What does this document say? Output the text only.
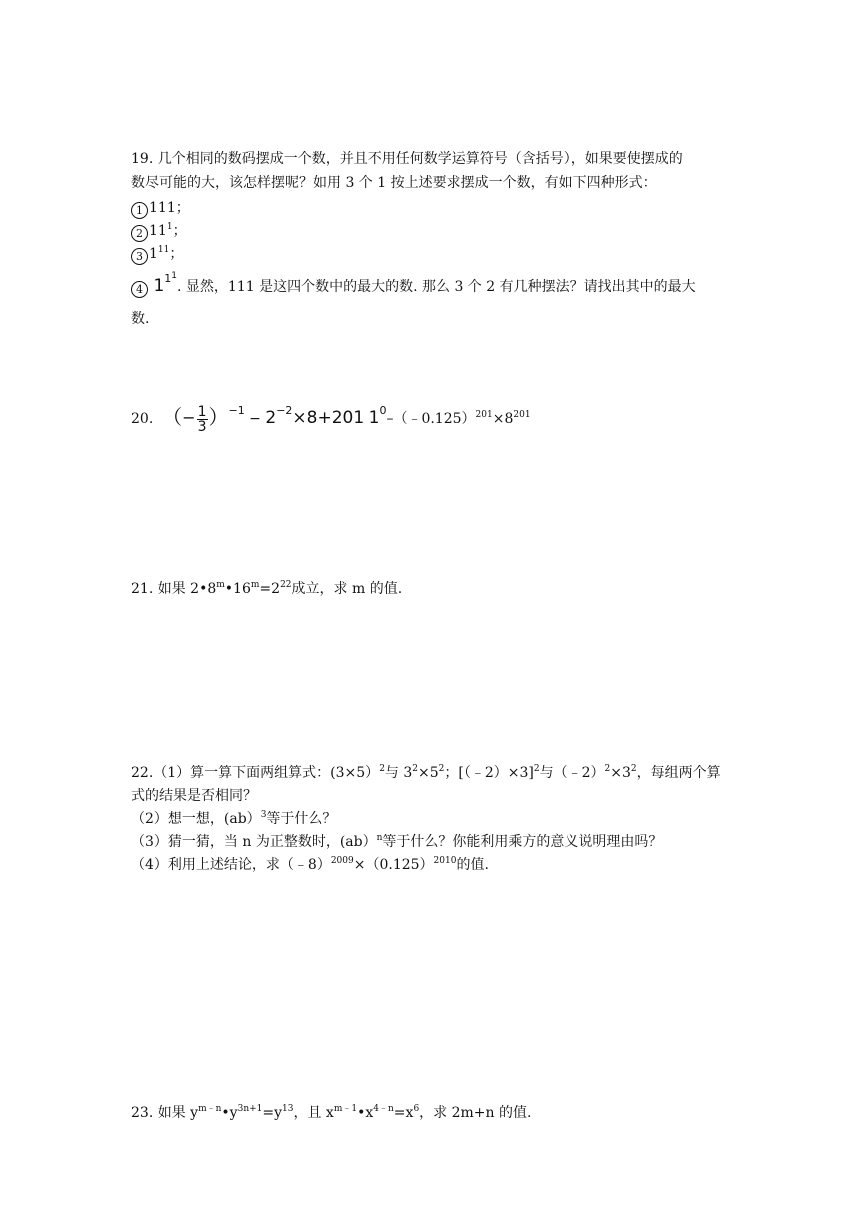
19. 几个相同的数码摆成一个数，并且不用任何数学运算符号（含括号），如果要使摆成的
数尽可能的大，该怎样摆呢？如用 3 个 1 按上述要求摆成一个数，有如下四种形式：
1 111；
2 $11^1$；
3 $1^{11}$；
4 $1^{11}$. 显然，111 是这四个数中的最大的数. 那么 3 个 2 有几种摆法？请找出其中的最大
数.
20. （− $\frac{1}{3} )^{-1} - 2^{-2}\times 8+201$ $1^0-(﹣0.125)^{201}\times 8^{201}$
21. 如果 $2•8^m•16^m=2^{22}$成立，求 m 的值.
22.（1）算一算下面两组算式：(3×5）$^2$与 $3^2\times 5^2$；[（﹣2）×3]$^2$与$(﹣2)^2\times 3^2$，每组两个算
式的结果是否相同？
（2）想一想，(ab）$^3$等于什么？
（3）猜一猜，当 n 为正整数时，(ab）$^n$等于什么？你能利用乘方的意义说明理由吗？
（4）利用上述结论，求$(﹣8)^{2009}\times(0.125)^{2010}$的值.
23. 如果 $y^{m﹣n}•y^{3n+1}=y^{13}$，且 $x^{m﹣1}•x^{4﹣n}=x^6$，求 2m+n 的值.
